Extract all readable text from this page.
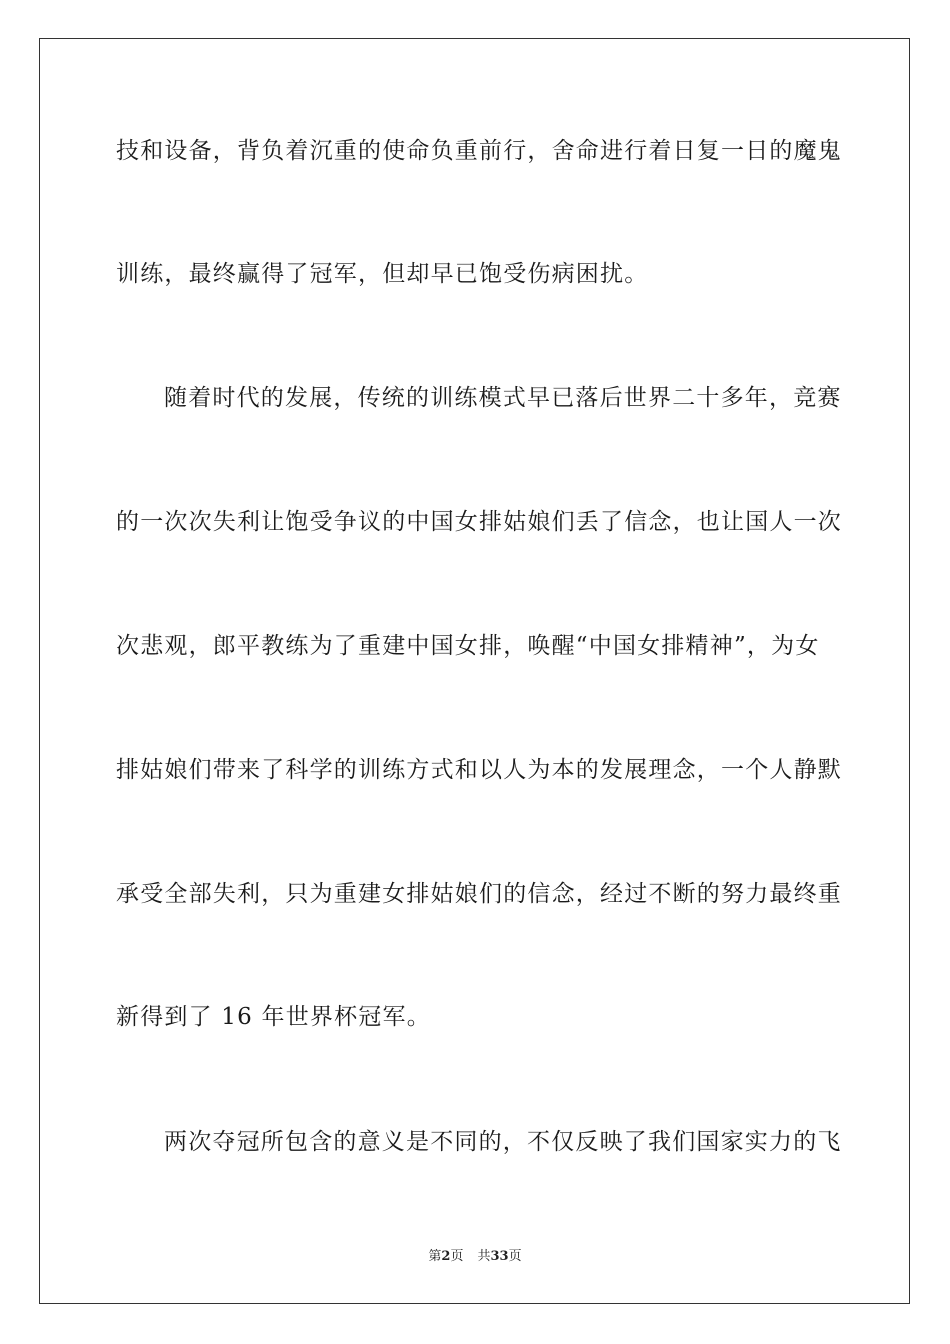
技和设备，背负着沉重的使命负重前行，舍命进行着日复一日的魔鬼
训练，最终赢得了冠军，但却早已饱受伤病困扰。
随着时代的发展，传统的训练模式早已落后世界二十多年，竞赛
的一次次失利让饱受争议的中国女排姑娘们丢了信念，也让国人一次
次悲观，郎平教练为了重建中国女排，唤醒“中国女排精神”，为女
排姑娘们带来了科学的训练方式和以人为本的发展理念，一个人静默
承受全部失利，只为重建女排姑娘们的信念，经过不断的努力最终重
新得到了 16 年世界杯冠军。
两次夺冠所包含的意义是不同的，不仅反映了我们国家实力的飞
第2页 共33页
